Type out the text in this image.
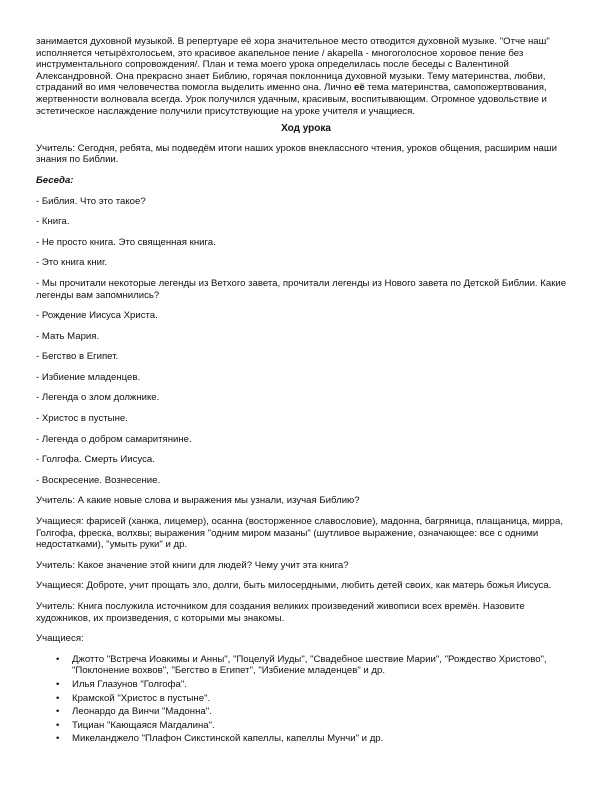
занимается духовной музыкой. В репертуаре её хора значительное место отводится духовной музыке. "Отче наш" исполняется четырёхголосьем, это красивое акапельное пение / akapella - многоголосное хоровое пение без инструментального сопровождения/. План и тема моего урока определилась после беседы с Валентиной Александровной. Она прекрасно знает Библию, горячая поклонница духовной музыки. Тему материнства, любви, страданий во имя человечества помогла выделить именно она. Лично её тема материнства, самопожертвования, жертвенности волновала всегда. Урок получился удачным, красивым, воспитывающим. Огромное удовольствие и эстетическое наслаждение получили присутствующие на уроке учителя и учащиеся.

Ход урока

Учитель: Сегодня, ребята, мы подведём итоги наших уроков внеклассного чтения, уроков общения, расширим наши знания по Библии.

Беседа:

- Библия. Что это такое?

- Книга.

- Не просто книга. Это священная книга.

- Это книга книг.

- Мы прочитали некоторые легенды из Ветхого завета, прочитали легенды из Нового завета по Детской Библии. Какие легенды вам запомнились?

- Рождение Иисуса Христа.

- Мать Мария.

- Бегство в Египет.

- Избиение младенцев.

- Легенда о злом должнике.

- Христос в пустыне.

- Легенда о добром самаритянине.

- Голгофа. Смерть Иисуса.

- Воскресение. Вознесение.

Учитель: А какие новые слова и выражения мы узнали, изучая Библию?

Учащиеся: фарисей (ханжа, лицемер), осанна (восторженное славословие), мадонна, багряница, плащаница, мирра, Голгофа, фреска, волхвы; выражения "одним миром мазаны" (шутливое выражение, означающее: все с одними недостатками), "умыть руки" и др.

Учитель: Какое значение этой книги для людей? Чему учит эта книга?

Учащиеся: Доброте, учит прощать зло, долги, быть милосердными, любить детей своих, как матерь божья Иисуса.

Учитель: Книга послужила источником для создания великих произведений живописи всех времён. Назовите художников, их произведения, с которыми мы знакомы.

Учащиеся:

• Джотто "Встреча Иоакимы и Анны", "Поцелуй Иуды", "Свадебное шествие Марии", "Рождество Христово", "Поклонение вохвов", "Бегство в Египет", "Избиение младенцев" и др.
• Илья Глазунов "Голгофа".
• Крамской "Христос в пустыне".
• Леонардо да Винчи "Мадонна".
• Тициан "Кающаяся Магдалина".
• Микеланджело "Плафон Сикстинской капеллы, капеллы Мунчи" и др.
